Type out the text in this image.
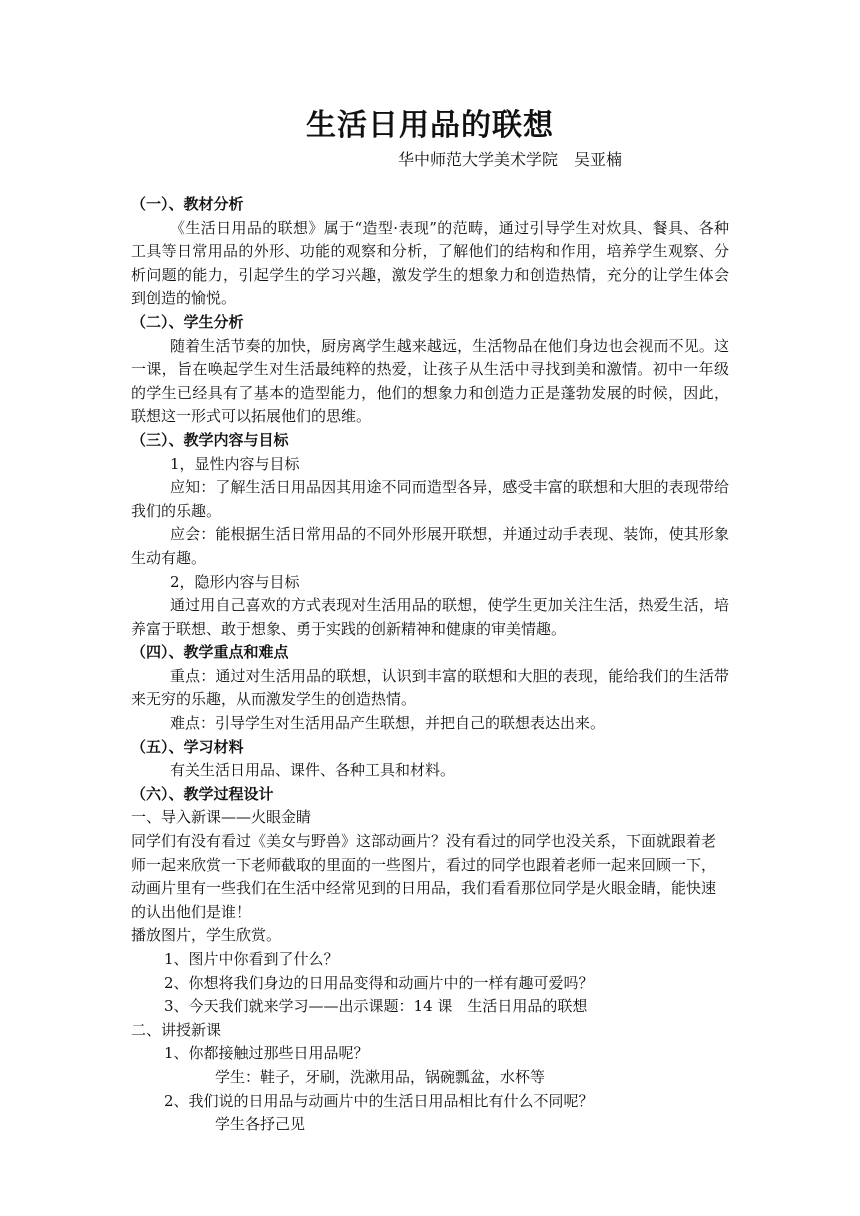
生活日用品的联想
华中师范大学美术学院　吴亚楠

（一）、教材分析

《生活日用品的联想》属于“造型·表现”的范畴，通过引导学生对炊具、餐具、各种工具等日常用品的外形、功能的观察和分析，了解他们的结构和作用，培养学生观察、分析问题的能力，引起学生的学习兴趣，激发学生的想象力和创造热情，充分的让学生体会到创造的愉悦。

（二）、学生分析

随着生活节奏的加快，厨房离学生越来越远，生活物品在他们身边也会视而不见。这一课，旨在唤起学生对生活最纯粹的热爱，让孩子从生活中寻找到美和激情。初中一年级的学生已经具有了基本的造型能力，他们的想象力和创造力正是蓬勃发展的时候，因此，联想这一形式可以拓展他们的思维。

（三）、教学内容与目标

1，显性内容与目标

应知：了解生活日用品因其用途不同而造型各异，感受丰富的联想和大胆的表现带给我们的乐趣。

应会：能根据生活日常用品的不同外形展开联想，并通过动手表现、装饰，使其形象生动有趣。

2，隐形内容与目标

通过用自己喜欢的方式表现对生活用品的联想，使学生更加关注生活，热爱生活，培养富于联想、敢于想象、勇于实践的创新精神和健康的审美情趣。

（四）、教学重点和难点

重点：通过对生活用品的联想，认识到丰富的联想和大胆的表现，能给我们的生活带来无穷的乐趣，从而激发学生的创造热情。

难点：引导学生对生活用品产生联想，并把自己的联想表达出来。

（五）、学习材料

有关生活日用品、课件、各种工具和材料。

（六）、教学过程设计

一、导入新课——火眼金睛

同学们有没有看过《美女与野兽》这部动画片？没有看过的同学也没关系，下面就跟着老师一起来欣赏一下老师截取的里面的一些图片，看过的同学也跟着老师一起来回顾一下，动画片里有一些我们在生活中经常见到的日用品，我们看看那位同学是火眼金睛，能快速的认出他们是谁！

播放图片，学生欣赏。

1、图片中你看到了什么？

2、你想将我们身边的日用品变得和动画片中的一样有趣可爱吗？

3、今天我们就来学习——出示课题：14 课　生活日用品的联想

二、讲授新课

1、你都接触过那些日用品呢？

学生：鞋子，牙刷，洗漱用品，锅碗瓢盆，水杯等

2、我们说的日用品与动画片中的生活日用品相比有什么不同呢？

学生各抒己见
